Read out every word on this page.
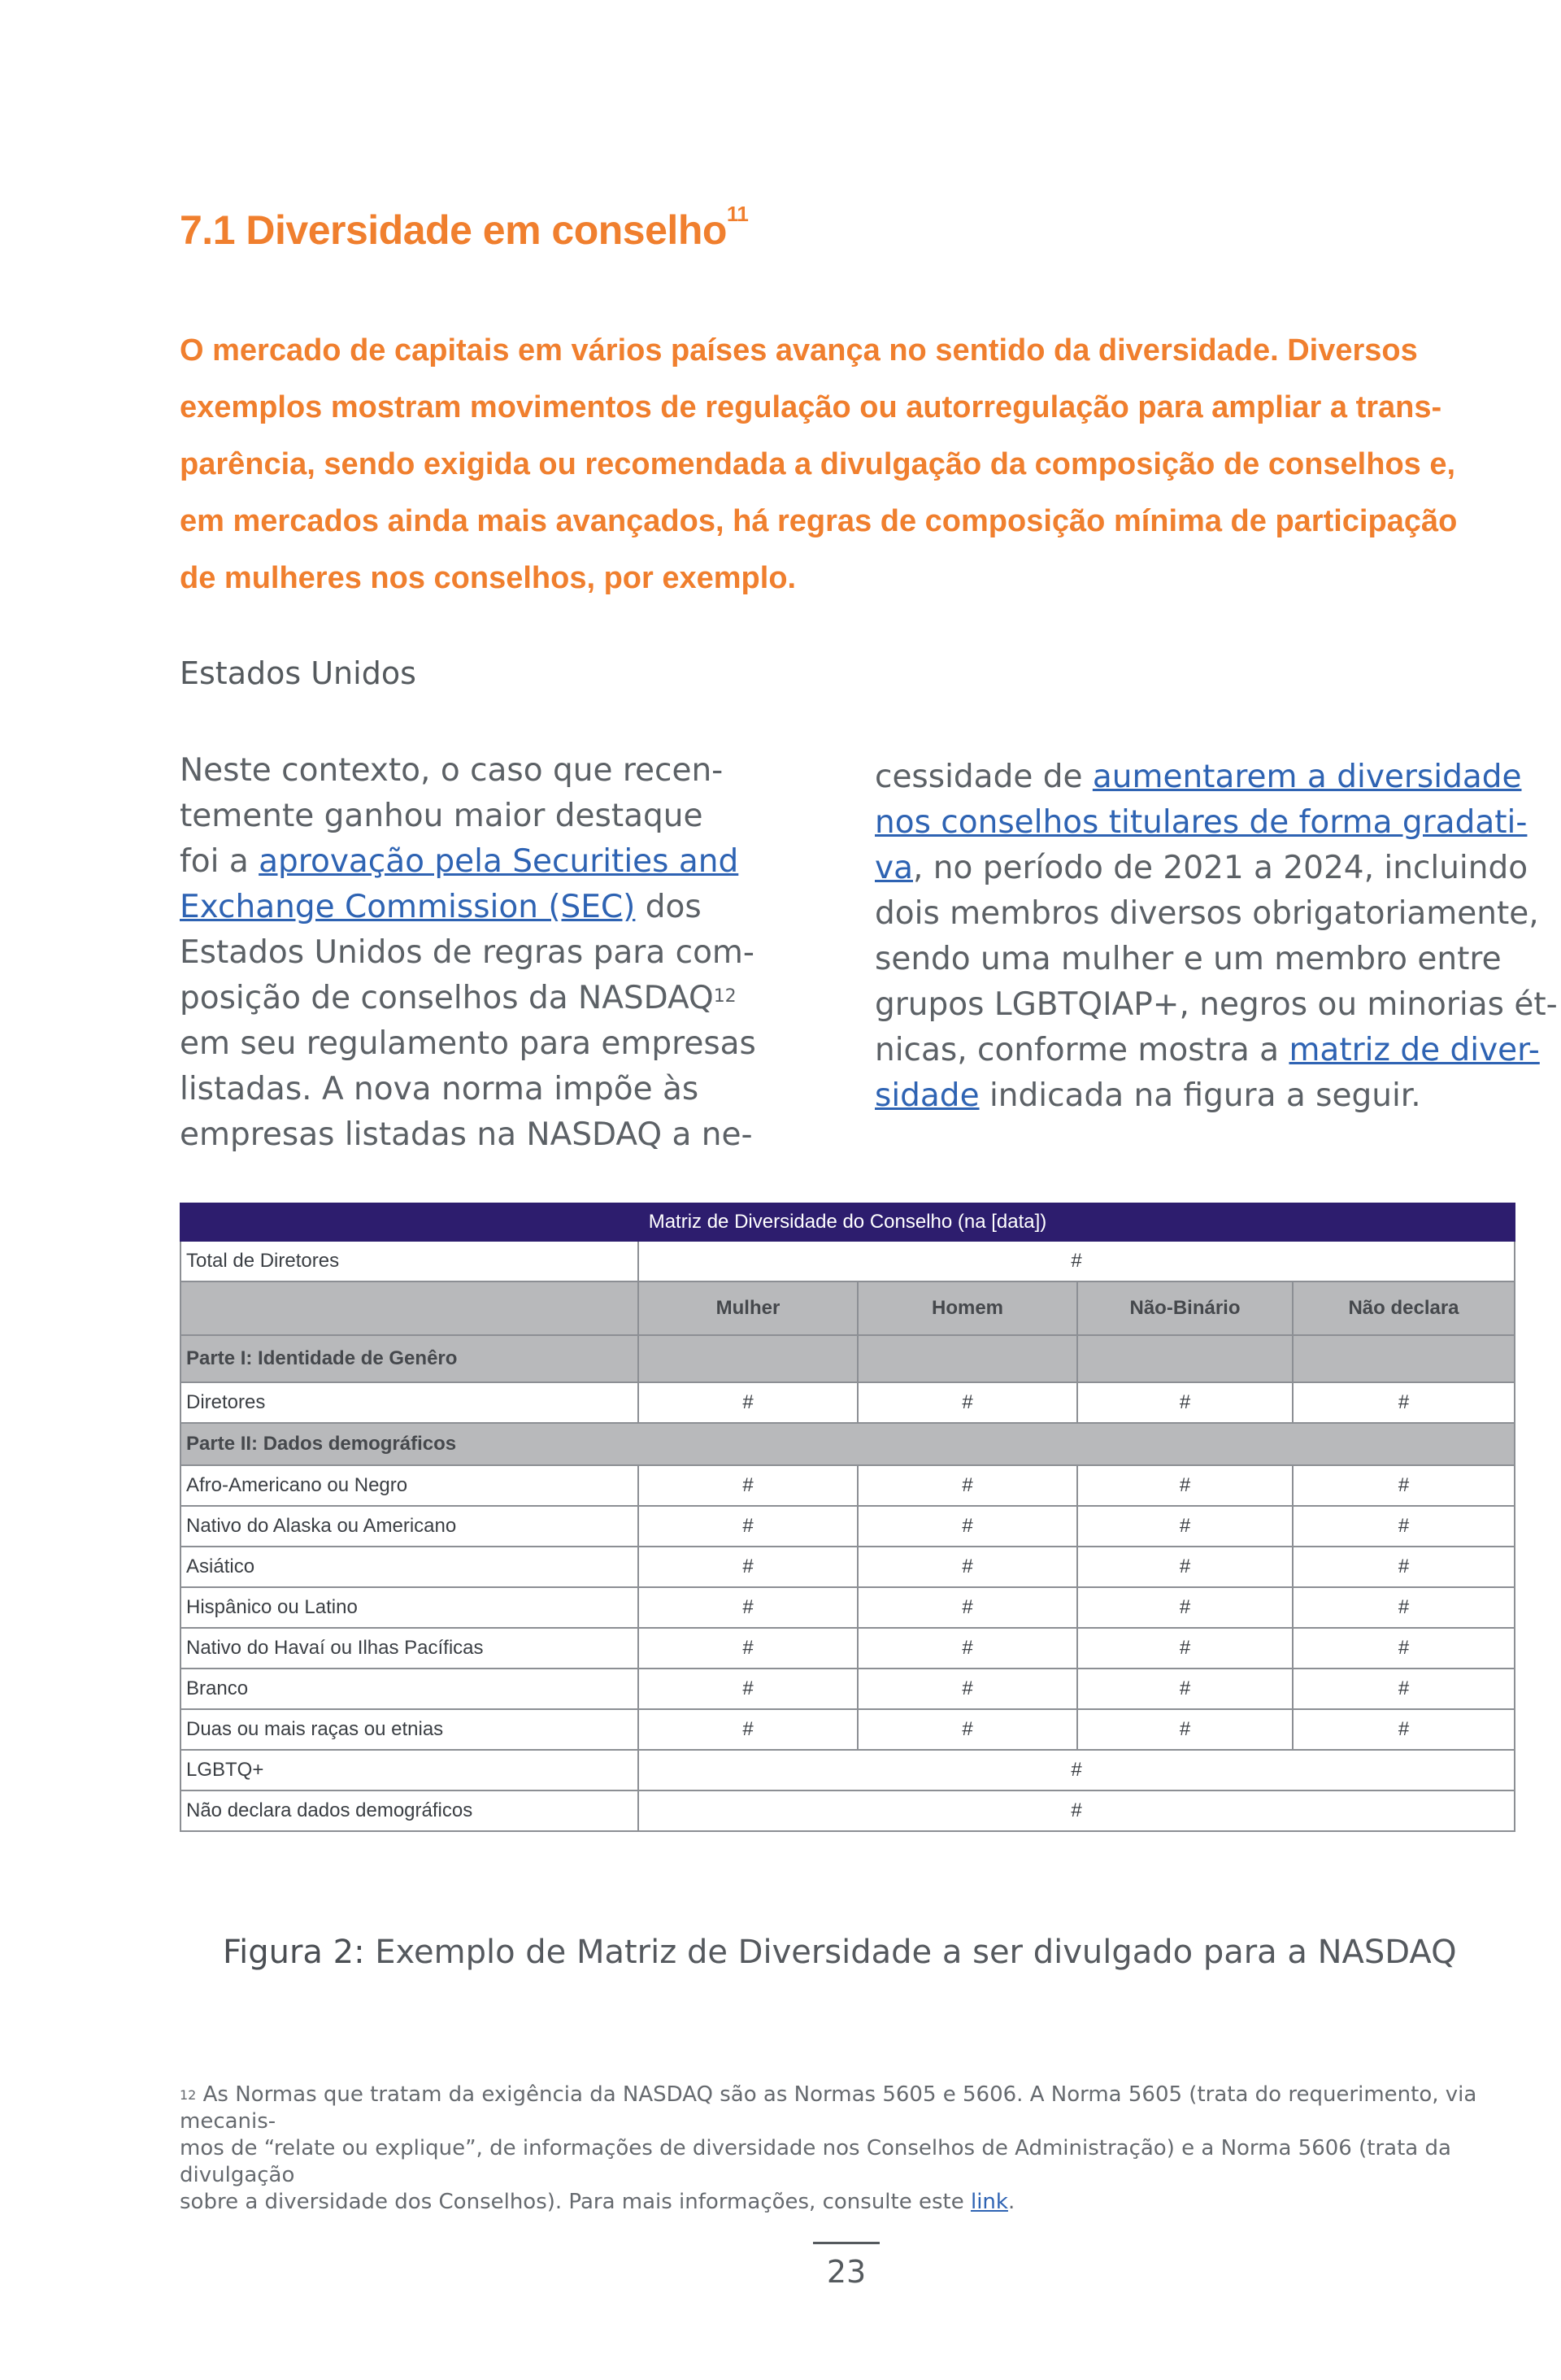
7.1 Diversidade em conselho$^{11}$

O mercado de capitais em vários países avança no sentido da diversidade. Diversos
exemplos mostram movimentos de regulação ou autorregulação para ampliar a trans-
parência, sendo exigida ou recomendada a divulgação da composição de conselhos e,
em mercados ainda mais avançados, há regras de composição mínima de participação
de mulheres nos conselhos, por exemplo.

Estados Unidos

Neste contexto, o caso que recen-
temente ganhou maior destaque
foi a aprovação pela Securities and
Exchange Commission (SEC) dos
Estados Unidos de regras para com-
posição de conselhos da NASDAQ$^{12}$
em seu regulamento para empresas
listadas. A nova norma impõe às
empresas listadas na NASDAQ a ne-

cessidade de aumentarem a diversidade
nos conselhos titulares de forma gradati-
va, no período de 2021 a 2024, incluindo
dois membros diversos obrigatoriamente,
sendo uma mulher e um membro entre
grupos LGBTQIAP+, negros ou minorias ét-
nicas, conforme mostra a matriz de diver-
sidade indicada na figura a seguir.

Matriz de Diversidade do Conselho (na [data])				
Total de Diretores	#			
	Mulher	Homem	Não-Binário	Não declara
Parte I: Identidade de Genêro				
Diretores	#	#	#	#
Parte II: Dados demográficos				
Afro-Americano ou Negro	#	#	#	#
Nativo do Alaska ou Americano	#	#	#	#
Asiático	#	#	#	#
Hispânico ou Latino	#	#	#	#
Nativo do Havaí ou Ilhas Pacíficas	#	#	#	#
Branco	#	#	#	#
Duas ou mais raças ou etnias	#	#	#	#
LGBTQ+	#			
Não declara dados demográficos	#			

Figura 2: Exemplo de Matriz de Diversidade a ser divulgado para a NASDAQ

$^{12}$ As Normas que tratam da exigência da NASDAQ são as Normas 5605 e 5606. A Norma 5605 (trata do requerimento, via mecanis-
mos de “relate ou explique”, de informações de diversidade nos Conselhos de Administração) e a Norma 5606 (trata da divulgação
sobre a diversidade dos Conselhos). Para mais informações, consulte este link.

23
